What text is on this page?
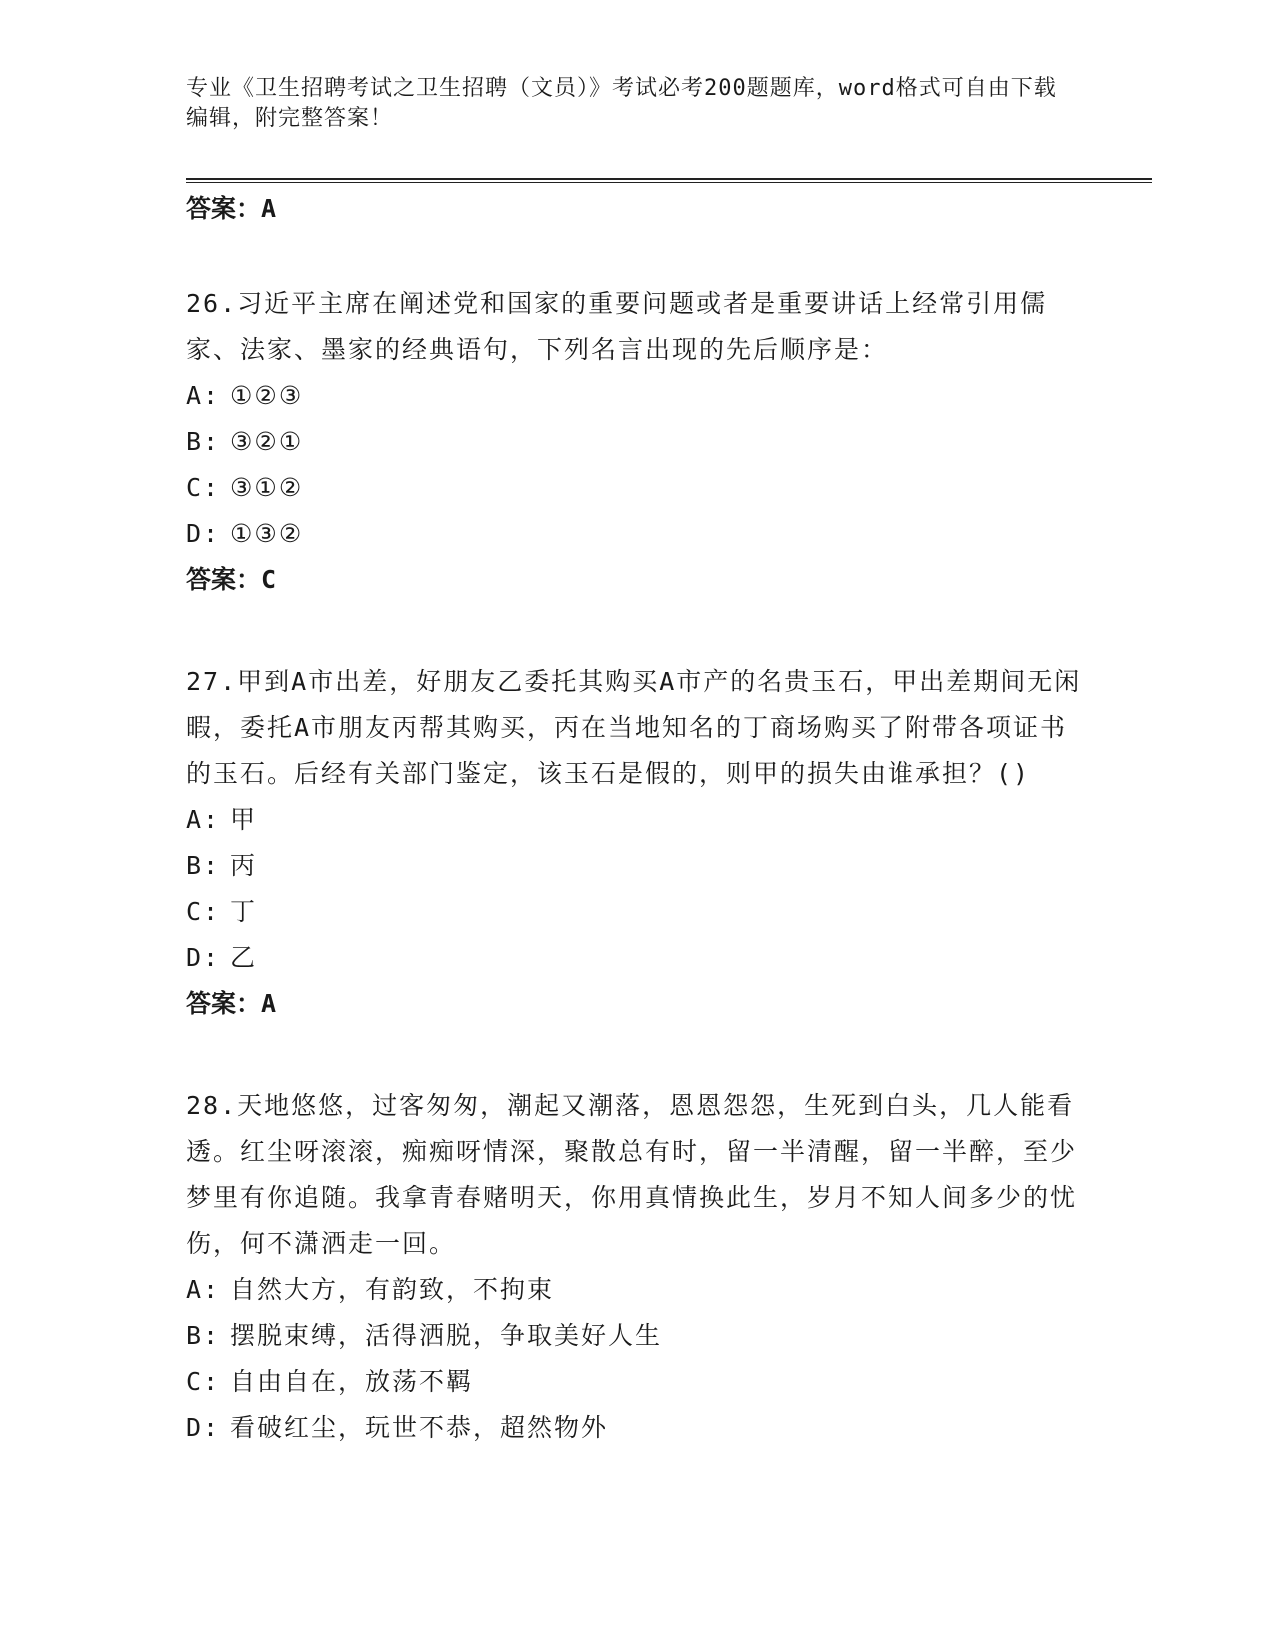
专业《卫生招聘考试之卫生招聘（文员）》考试必考200题题库，word格式可自由下载编辑，附完整答案！

答案：A

26.习近平主席在阐述党和国家的重要问题或者是重要讲话上经常引用儒家、法家、墨家的经典语句，下列名言出现的先后顺序是：

A: ①②③

B: ③②①

C: ③①②

D: ①③②

答案：C

27.甲到A市出差，好朋友乙委托其购买A市产的名贵玉石，甲出差期间无闲暇，委托A市朋友丙帮其购买，丙在当地知名的丁商场购买了附带各项证书的玉石。后经有关部门鉴定，该玉石是假的，则甲的损失由谁承担？()

A: 甲

B: 丙

C: 丁

D: 乙

答案：A

28.天地悠悠，过客匆匆，潮起又潮落，恩恩怨怨，生死到白头，几人能看透。红尘呀滚滚，痴痴呀情深，聚散总有时，留一半清醒，留一半醉，至少梦里有你追随。我拿青春赌明天，你用真情换此生，岁月不知人间多少的忧伤，何不潇洒走一回。

A: 自然大方，有韵致，不拘束

B: 摆脱束缚，活得洒脱，争取美好人生

C: 自由自在，放荡不羁

D: 看破红尘，玩世不恭，超然物外
